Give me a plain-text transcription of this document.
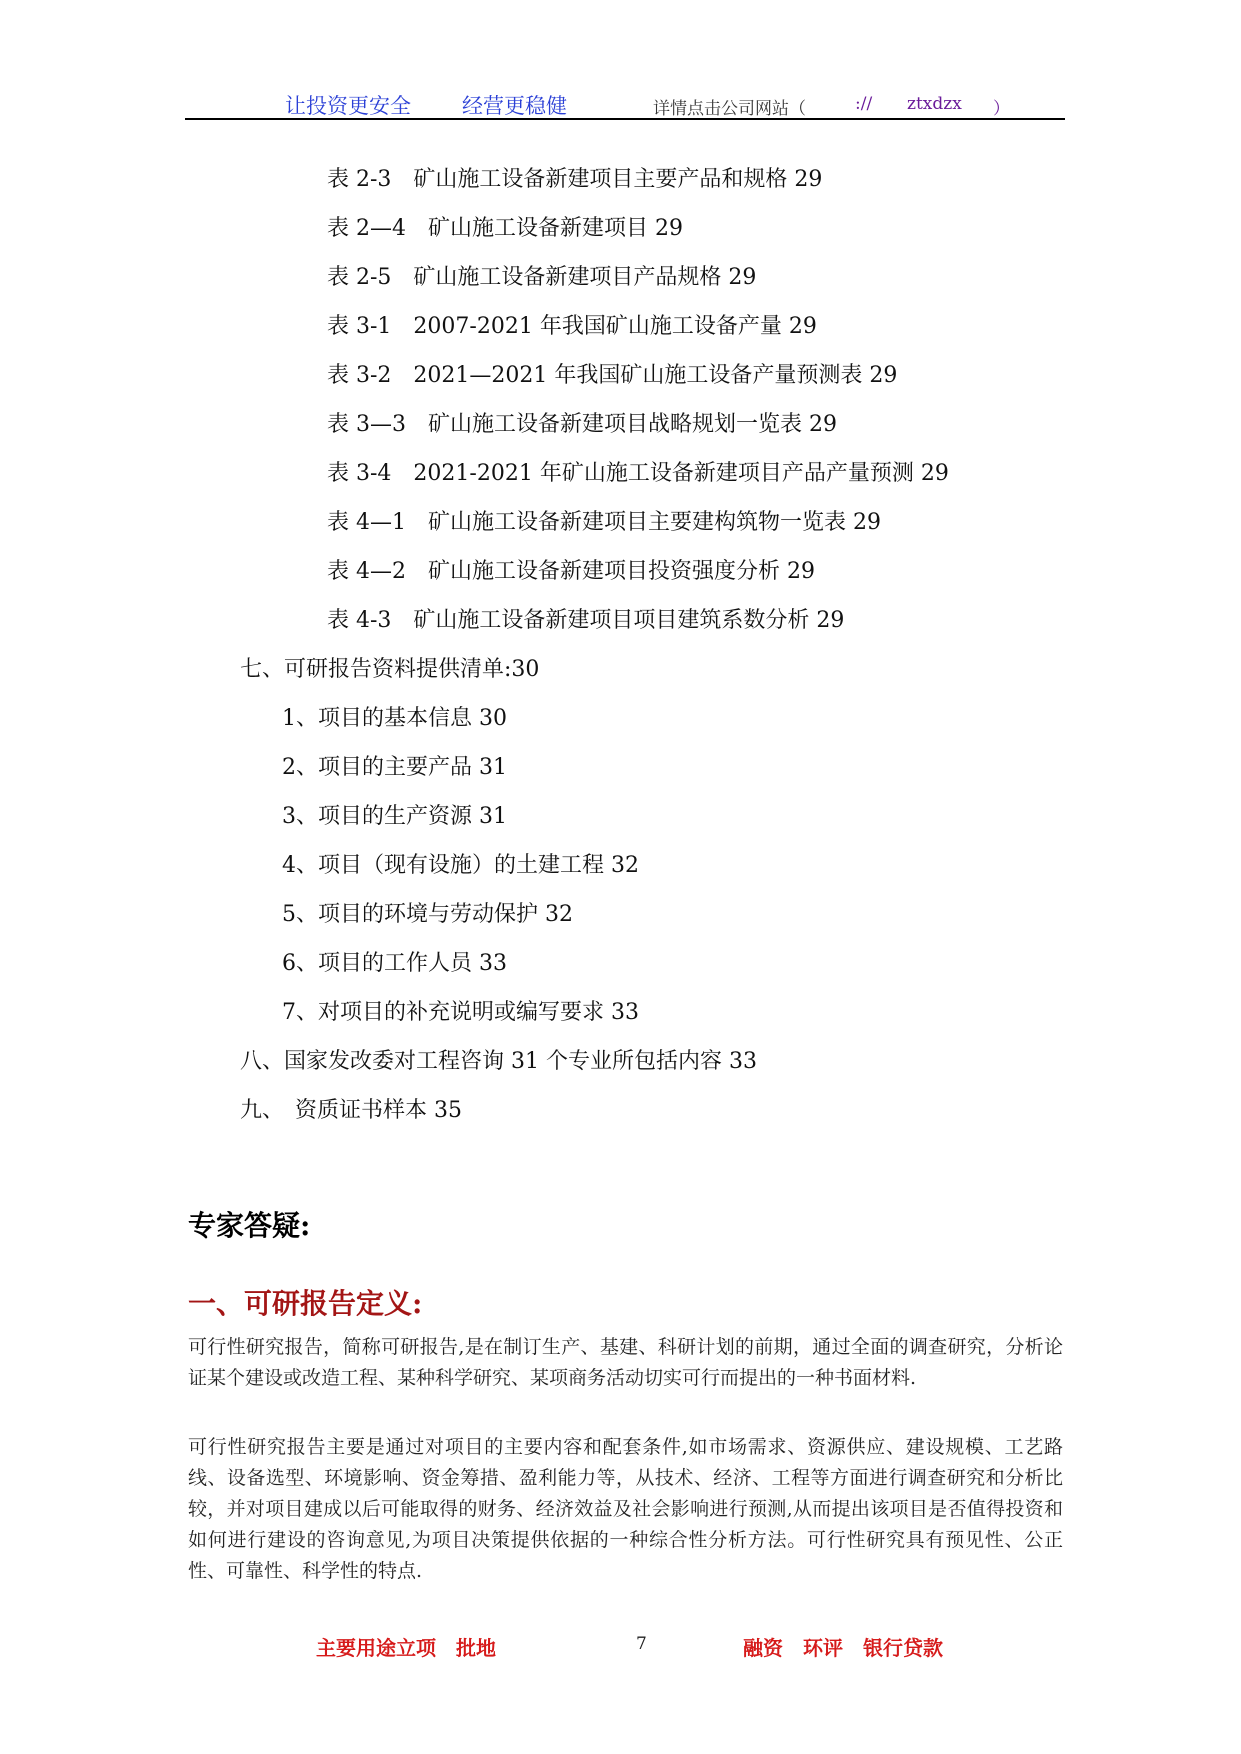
让投资更安全 经营更稳健	详情点击公司网站（	:// ztxdzx ）
表 2-3　矿山施工设备新建项目主要产品和规格 29
表 2—4　矿山施工设备新建项目 29
表 2-5　矿山施工设备新建项目产品规格 29
表 3-1　2007-2021 年我国矿山施工设备产量 29
表 3-2　2021—2021 年我国矿山施工设备产量预测表 29
表 3—3　矿山施工设备新建项目战略规划一览表 29
表 3-4　2021-2021 年矿山施工设备新建项目产品产量预测 29
表 4—1　矿山施工设备新建项目主要建构筑物一览表 29
表 4—2　矿山施工设备新建项目投资强度分析 29
表 4-3　矿山施工设备新建项目项目建筑系数分析 29
七、可研报告资料提供清单:30
1、项目的基本信息 30
2、项目的主要产品 31
3、项目的生产资源 31
4、项目（现有设施）的土建工程 32
5、项目的环境与劳动保护 32
6、项目的工作人员 33
7、对项目的补充说明或编写要求 33
八、国家发改委对工程咨询 31 个专业所包括内容 33
九、　资质证书样本 35
专家答疑:
一、可研报告定义:
可行性研究报告，简称可研报告,是在制订生产、基建、科研计划的前期，通过全面的调查研究，分析论证某个建设或改造工程、某种科学研究、某项商务活动切实可行而提出的一种书面材料.
可行性研究报告主要是通过对项目的主要内容和配套条件,如市场需求、资源供应、建设规模、工艺路线、设备选型、环境影响、资金筹措、盈利能力等，从技术、经济、工程等方面进行调查研究和分析比较，并对项目建成以后可能取得的财务、经济效益及社会影响进行预测,从而提出该项目是否值得投资和如何进行建设的咨询意见,为项目决策提供依据的一种综合性分析方法。可行性研究具有预见性、公正性、可靠性、科学性的特点.
主要用途立项　批地	7	融资　环评　银行贷款
